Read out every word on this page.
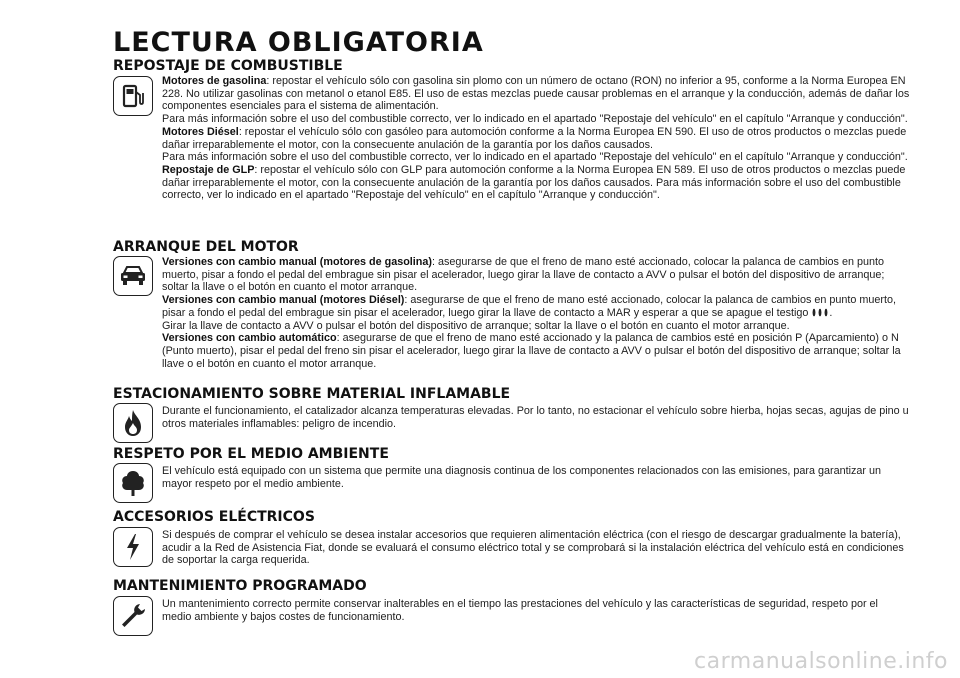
LECTURA OBLIGATORIA
REPOSTAJE DE COMBUSTIBLE

Motores de gasolina: repostar el vehículo sólo con gasolina sin plomo con un número de octano (RON) no inferior a 95, conforme a la Norma Europea EN 228. No utilizar gasolinas con metanol o etanol E85. El uso de estas mezclas puede causar problemas en el arranque y la conducción, además de dañar los componentes esenciales para el sistema de alimentación.

Para más información sobre el uso del combustible correcto, ver lo indicado en el apartado "Repostaje del vehículo" en el capítulo "Arranque y conducción".

Motores Diésel: repostar el vehículo sólo con gasóleo para automoción conforme a la Norma Europea EN 590. El uso de otros productos o mezclas puede dañar irreparablemente el motor, con la consecuente anulación de la garantía por los daños causados.

Para más información sobre el uso del combustible correcto, ver lo indicado en el apartado "Repostaje del vehículo" en el capítulo "Arranque y conducción".

Repostaje de GLP: repostar el vehículo sólo con GLP para automoción conforme a la Norma Europea EN 589. El uso de otros productos o mezclas puede dañar irreparablemente el motor, con la consecuente anulación de la garantía por los daños causados. Para más información sobre el uso del combustible correcto, ver lo indicado en el apartado "Repostaje del vehículo" en el capítulo "Arranque y conducción".

ARRANQUE DEL MOTOR

Versiones con cambio manual (motores de gasolina): asegurarse de que el freno de mano esté accionado, colocar la palanca de cambios en punto muerto, pisar a fondo el pedal del embrague sin pisar el acelerador, luego girar la llave de contacto a AVV o pulsar el botón del dispositivo de arranque; soltar la llave o el botón en cuanto el motor arranque.

Versiones con cambio manual (motores Diésel): asegurarse de que el freno de mano esté accionado, colocar la palanca de cambios en punto muerto, pisar a fondo el pedal del embrague sin pisar el acelerador, luego girar la llave de contacto a MAR y esperar a que se apague el testigo .

Girar la llave de contacto a AVV o pulsar el botón del dispositivo de arranque; soltar la llave o el botón en cuanto el motor arranque.

Versiones con cambio automático: asegurarse de que el freno de mano esté accionado y la palanca de cambios esté en posición P (Aparcamiento) o N (Punto muerto), pisar el pedal del freno sin pisar el acelerador, luego girar la llave de contacto a AVV o pulsar el botón del dispositivo de arranque; soltar la llave o el botón en cuanto el motor arranque.

ESTACIONAMIENTO SOBRE MATERIAL INFLAMABLE

Durante el funcionamiento, el catalizador alcanza temperaturas elevadas. Por lo tanto, no estacionar el vehículo sobre hierba, hojas secas, agujas de pino u otros materiales inflamables: peligro de incendio.

RESPETO POR EL MEDIO AMBIENTE

El vehículo está equipado con un sistema que permite una diagnosis continua de los componentes relacionados con las emisiones, para garantizar un mayor respeto por el medio ambiente.

ACCESORIOS ELÉCTRICOS

Si después de comprar el vehículo se desea instalar accesorios que requieren alimentación eléctrica (con el riesgo de descargar gradualmente la batería), acudir a la Red de Asistencia Fiat, donde se evaluará el consumo eléctrico total y se comprobará si la instalación eléctrica del vehículo está en condiciones de soportar la carga requerida.

MANTENIMIENTO PROGRAMADO

Un mantenimiento correcto permite conservar inalterables en el tiempo las prestaciones del vehículo y las características de seguridad, respeto por el medio ambiente y bajos costes de funcionamiento.

carmanualsonline.info
